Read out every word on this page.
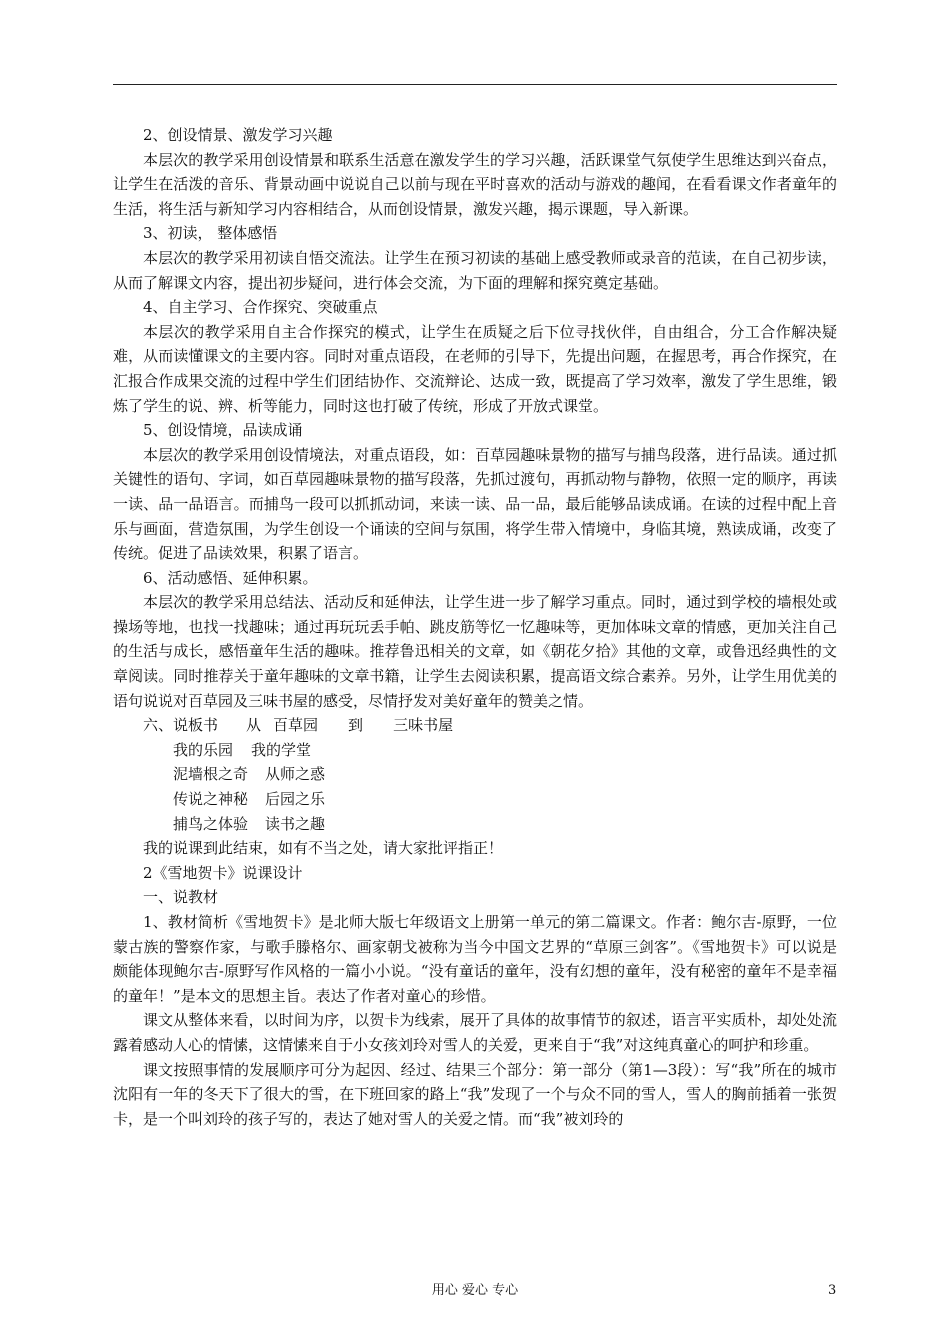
2、创设情景、激发学习兴趣

本层次的教学采用创设情景和联系生活意在激发学生的学习兴趣，活跃课堂气氛使学生思维达到兴奋点，让学生在活泼的音乐、背景动画中说说自己以前与现在平时喜欢的活动与游戏的趣闻，在看看课文作者童年的生活，将生活与新知学习内容相结合，从而创设情景，激发兴趣，揭示课题，导入新课。

3、初读， 整体感悟

本层次的教学采用初读自悟交流法。让学生在预习初读的基础上感受教师或录音的范读，在自己初步读，从而了解课文内容，提出初步疑问，进行体会交流，为下面的理解和探究奠定基础。

4、自主学习、合作探究、突破重点

本层次的教学采用自主合作探究的模式，让学生在质疑之后下位寻找伙伴，自由组合，分工合作解决疑难，从而读懂课文的主要内容。同时对重点语段，在老师的引导下，先提出问题，在握思考，再合作探究，在汇报合作成果交流的过程中学生们团结协作、交流辩论、达成一致，既提高了学习效率，激发了学生思维，锻炼了学生的说、辨、析等能力，同时这也打破了传统，形成了开放式课堂。

5、创设情境，品读成诵

本层次的教学采用创设情境法，对重点语段，如：百草园趣味景物的描写与捕鸟段落，进行品读。通过抓关键性的语句、字词，如百草园趣味景物的描写段落，先抓过渡句，再抓动物与静物，依照一定的顺序，再读一读、品一品语言。而捕鸟一段可以抓抓动词，来读一读、品一品，最后能够品读成诵。在读的过程中配上音乐与画面，营造氛围，为学生创设一个诵读的空间与氛围，将学生带入情境中，身临其境，熟读成诵，改变了传统。促进了品读效果，积累了语言。

6、活动感悟、延伸积累。

本层次的教学采用总结法、活动反和延伸法，让学生进一步了解学习重点。同时，通过到学校的墙根处或操场等地，也找一找趣味；通过再玩玩丢手帕、跳皮筋等忆一忆趣味等，更加体味文章的情感，更加关注自己的生活与成长，感悟童年生活的趣味。推荐鲁迅相关的文章，如《朝花夕拾》其他的文章，或鲁迅经典性的文章阅读。同时推荐关于童年趣味的文章书籍，让学生去阅读积累，提高语文综合素养。另外，让学生用优美的语句说说对百草园及三味书屋的感受，尽情抒发对美好童年的赞美之情。

六、说板书 从 百草园 到 三味书屋

我的乐园 我的学堂

泥墙根之奇 从师之惑

传说之神秘 后园之乐

捕鸟之体验 读书之趣

我的说课到此结束，如有不当之处，请大家批评指正！

2《雪地贺卡》说课设计

一、说教材

1、教材简析《雪地贺卡》是北师大版七年级语文上册第一单元的第二篇课文。作者：鲍尔吉-原野，一位蒙古族的警察作家，与歌手滕格尔、画家朝戈被称为当今中国文艺界的“草原三剑客”。《雪地贺卡》可以说是颇能体现鲍尔吉-原野写作风格的一篇小小说。“没有童话的童年，没有幻想的童年，没有秘密的童年不是幸福的童年！”是本文的思想主旨。表达了作者对童心的珍惜。

课文从整体来看，以时间为序，以贺卡为线索，展开了具体的故事情节的叙述，语言平实质朴，却处处流露着感动人心的情愫，这情愫来自于小女孩刘玲对雪人的关爱，更来自于“我”对这纯真童心的呵护和珍重。

课文按照事情的发展顺序可分为起因、经过、结果三个部分：第一部分（第1—3段）：写“我”所在的城市沈阳有一年的冬天下了很大的雪，在下班回家的路上“我”发现了一个与众不同的雪人，雪人的胸前插着一张贺卡，是一个叫刘玲的孩子写的，表达了她对雪人的关爱之情。而“我”被刘玲的

用心 爱心 专心	3
